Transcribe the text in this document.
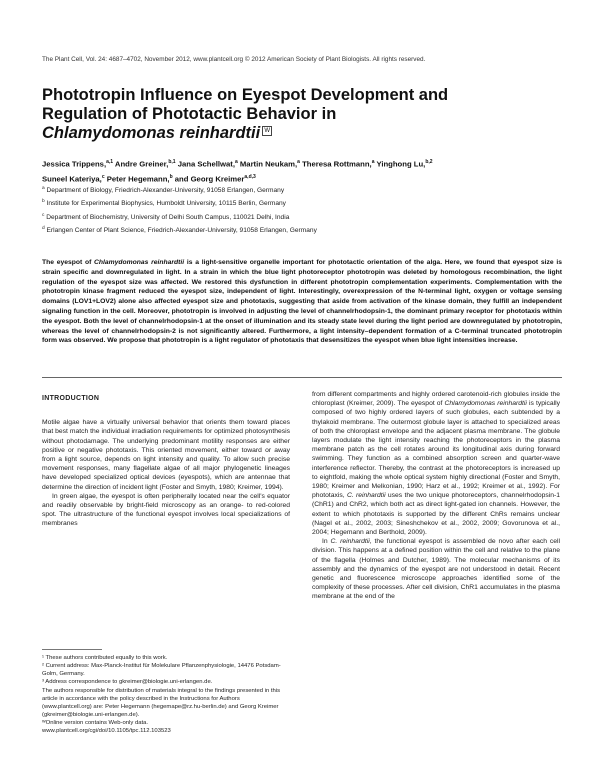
The Plant Cell, Vol. 24: 4687–4702, November 2012, www.plantcell.org © 2012 American Society of Plant Biologists. All rights reserved.
Phototropin Influence on Eyespot Development and
Regulation of Phototactic Behavior in
Chlamydomonas reinhardtii W
Jessica Trippens,$^{a,1}$ Andre Greiner,$^{b,1}$ Jana Schellwat,$^a$ Martin Neukam,$^a$ Theresa Rottmann,$^a$ Yinghong Lu,$^{b,2}$
Suneel Kateriya,$^c$ Peter Hegemann,$^b$ and Georg Kreimer$^{a,d,3}$
$^a$ Department of Biology, Friedrich-Alexander-University, 91058 Erlangen, Germany
$^b$ Institute for Experimental Biophysics, Humboldt University, 10115 Berlin, Germany
$^c$ Department of Biochemistry, University of Delhi South Campus, 110021 Delhi, India
$^d$ Erlangen Center of Plant Science, Friedrich-Alexander-University, 91058 Erlangen, Germany
The eyespot of Chlamydomonas reinhardtii is a light-sensitive organelle important for phototactic orientation of the alga. Here, we found that eyespot size is strain specific and downregulated in light. In a strain in which the blue light photoreceptor phototropin was deleted by homologous recombination, the light regulation of the eyespot size was affected. We restored this dysfunction in different phototropin complementation experiments. Complementation with the phototropin kinase fragment reduced the eyespot size, independent of light. Interestingly, overexpression of the N-terminal light, oxygen or voltage sensing domains (LOV1+LOV2) alone also affected eyespot size and phototaxis, suggesting that aside from activation of the kinase domain, they fulfill an independent signaling function in the cell. Moreover, phototropin is involved in adjusting the level of channelrhodopsin-1, the dominant primary receptor for phototaxis within the eyespot. Both the level of channelrhodopsin-1 at the onset of illumination and its steady state level during the light period are downregulated by phototropin, whereas the level of channelrhodopsin-2 is not significantly altered. Furthermore, a light intensity–dependent formation of a C-terminal truncated phototropin form was observed. We propose that phototropin is a light regulator of phototaxis that desensitizes the eyespot when blue light intensities increase.
INTRODUCTION

Motile algae have a virtually universal behavior that orients them toward places that best match the individual irradiation requirements for optimized photosynthesis without photodamage. The underlying predominant motility responses are either positive or negative phototaxis. This oriented movement, either toward or away from a light source, depends on light intensity and quality. To allow such precise movement responses, many flagellate algae of all major phylogenetic lineages have developed specialized optical devices (eyespots), which are antennae that determine the direction of incident light (Foster and Smyth, 1980; Kreimer, 1994).

In green algae, the eyespot is often peripherally located near the cell's equator and readily observable by bright-field microscopy as an orange- to red-colored spot. The ultrastructure of the functional eyespot involves local specializations of membranes

from different compartments and highly ordered carotenoid-rich globules inside the chloroplast (Kreimer, 2009). The eyespot of Chlamydomonas reinhardtii is typically composed of two highly ordered layers of such globules, each subtended by a thylakoid membrane. The outermost globule layer is attached to specialized areas of both the chloroplast envelope and the adjacent plasma membrane. The globule layers modulate the light intensity reaching the photoreceptors in the plasma membrane patch as the cell rotates around its longitudinal axis during forward swimming. They function as a combined absorption screen and quarter-wave interference reflector. Thereby, the contrast at the photoreceptors is increased up to eightfold, making the whole optical system highly directional (Foster and Smyth, 1980; Kreimer and Melkonian, 1990; Harz et al., 1992; Kreimer et al., 1992). For phototaxis, C. reinhardtii uses the two unique photoreceptors, channelrhodopsin-1 (ChR1) and ChR2, which both act as direct light-gated ion channels. However, the extent to which phototaxis is supported by the different ChRs remains unclear (Nagel et al., 2002, 2003; Sineshchekov et al., 2002, 2009; Govorunova et al., 2004; Hegemann and Berthold, 2009).

In C. reinhardtii, the functional eyespot is assembled de novo after each cell division. This happens at a defined position within the cell and relative to the plane of the flagella (Holmes and Dutcher, 1989). The molecular mechanisms of its assembly and the dynamics of the eyespot are not understood in detail. Recent genetic and fluorescence microscope approaches identified some of the complexity of these processes. After cell division, ChR1 accumulates in the plasma membrane at the end of the

¹ These authors contributed equally to this work.

² Current address: Max-Planck-Institut für Molekulare Pflanzenphysiologie, 14476 Potsdam-Golm, Germany.

³ Address correspondence to gkreimer@biologie.uni-erlangen.de.

The authors responsible for distribution of materials integral to the findings presented in this article in accordance with the policy described in the Instructions for Authors (www.plantcell.org) are: Peter Hegemann (hegemape@rz.hu-berlin.de) and Georg Kreimer (gkreimer@biologie.uni-erlangen.de).

ᵂOnline version contains Web-only data.

www.plantcell.org/cgi/doi/10.1105/tpc.112.103523
